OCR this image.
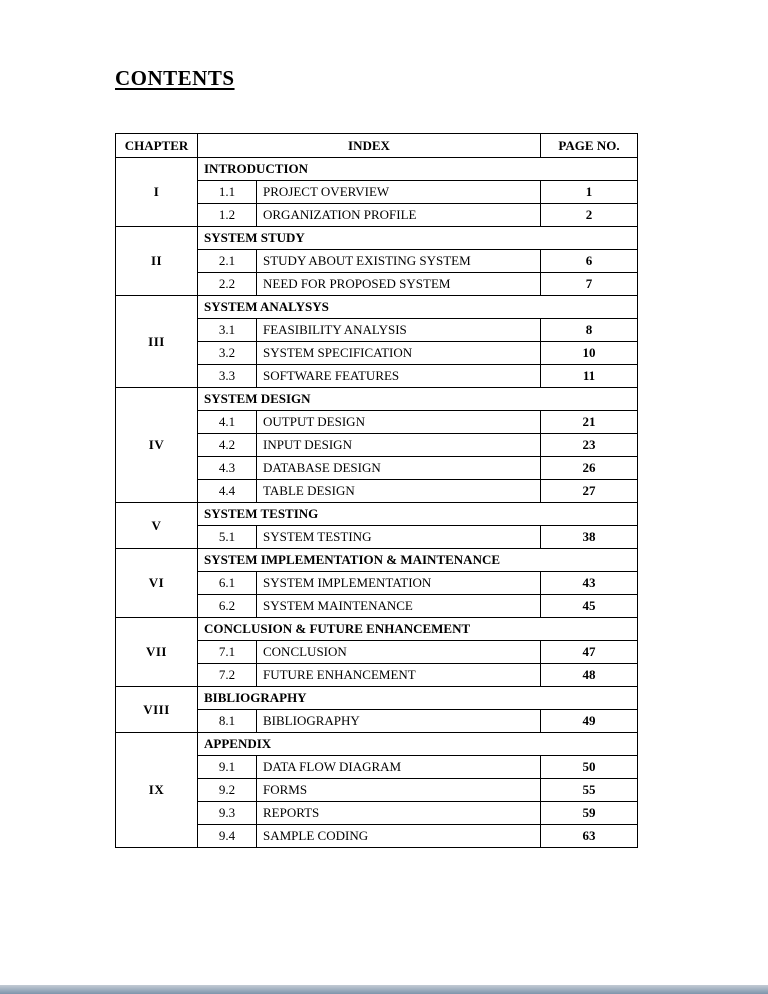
CONTENTS
CHAPTER	INDEX		PAGE NO.
I	INTRODUCTION		
	1.1	PROJECT OVERVIEW	1
	1.2	ORGANIZATION PROFILE	2
II	SYSTEM STUDY		
	2.1	STUDY ABOUT EXISTING SYSTEM	6
	2.2	NEED FOR PROPOSED SYSTEM	7
III	SYSTEM ANALYSYS		
	3.1	FEASIBILITY ANALYSIS	8
	3.2	SYSTEM SPECIFICATION	10
	3.3	SOFTWARE FEATURES	11
IV	SYSTEM DESIGN		
	4.1	OUTPUT DESIGN	21
	4.2	INPUT DESIGN	23
	4.3	DATABASE DESIGN	26
	4.4	TABLE DESIGN	27
V	SYSTEM TESTING		
	5.1	SYSTEM TESTING	38
VI	SYSTEM IMPLEMENTATION & MAINTENANCE		
	6.1	SYSTEM IMPLEMENTATION	43
	6.2	SYSTEM MAINTENANCE	45
VII	CONCLUSION & FUTURE ENHANCEMENT		
	7.1	CONCLUSION	47
	7.2	FUTURE ENHANCEMENT	48
VIII	BIBLIOGRAPHY		
	8.1	BIBLIOGRAPHY	49
IX	APPENDIX		
	9.1	DATA FLOW DIAGRAM	50
	9.2	FORMS	55
	9.3	REPORTS	59
	9.4	SAMPLE CODING	63
